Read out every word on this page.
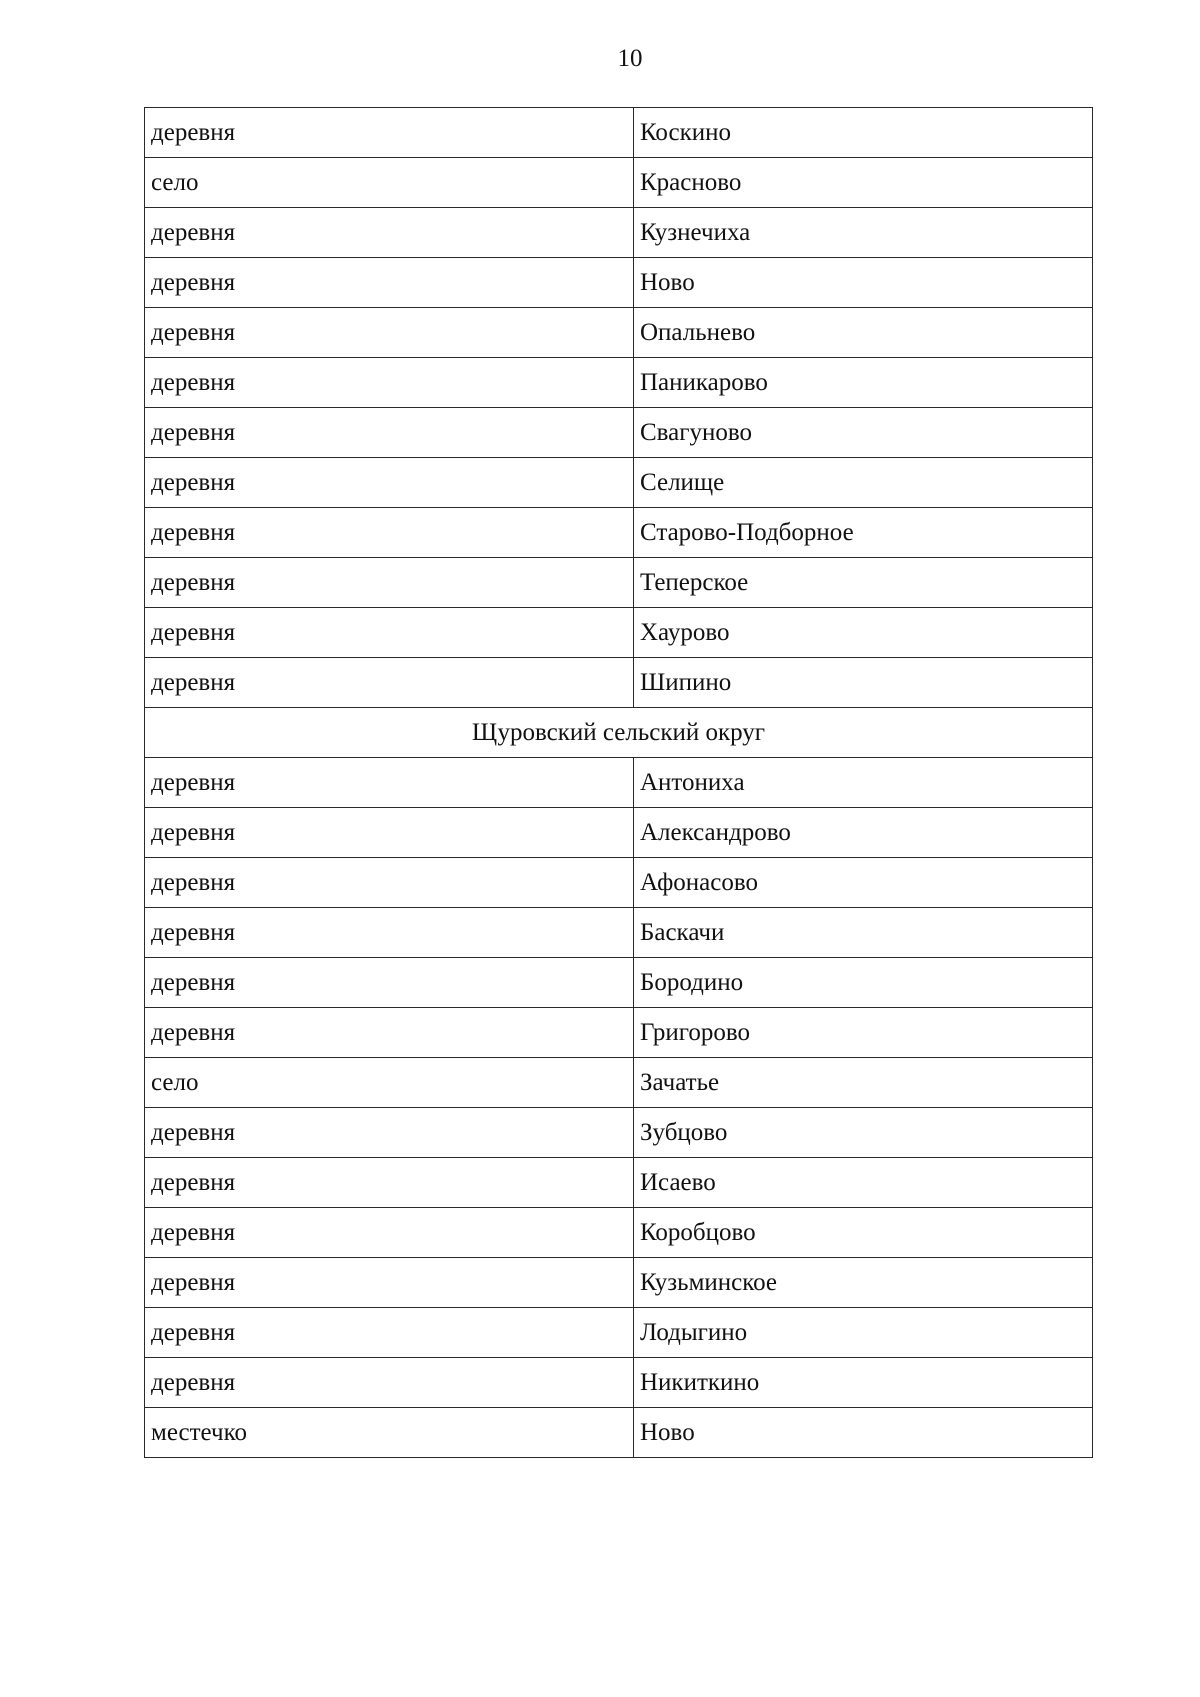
10
деревня	Коскино
село	Красново
деревня	Кузнечиха
деревня	Ново
деревня	Опальнево
деревня	Паникарово
деревня	Свагуново
деревня	Селище
деревня	Старово-Подборное
деревня	Теперское
деревня	Хаурово
деревня	Шипино
Щуровский сельский округ	
деревня	Антониха
деревня	Александрово
деревня	Афонасово
деревня	Баскачи
деревня	Бородино
деревня	Григорово
село	Зачатье
деревня	Зубцово
деревня	Исаево
деревня	Коробцово
деревня	Кузьминское
деревня	Лодыгино
деревня	Никиткино
местечко	Ново
